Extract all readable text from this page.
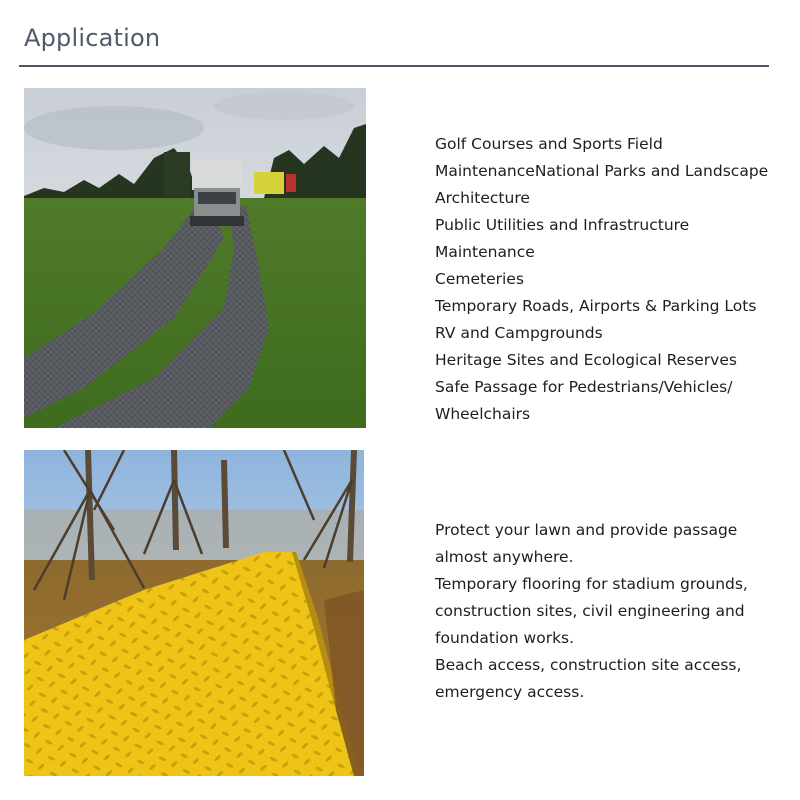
Application
Golf Courses and Sports Field
MaintenanceNational Parks and Landscape
Architecture
Public Utilities and Infrastructure
Maintenance
Cemeteries
Temporary Roads, Airports & Parking Lots
RV and Campgrounds
Heritage Sites and Ecological Reserves
Safe Passage for Pedestrians/Vehicles/
Wheelchairs
Protect your lawn and provide passage
almost anywhere.
Temporary flooring for stadium grounds,
construction sites, civil engineering and
foundation works.
Beach access, construction site access,
emergency access.
